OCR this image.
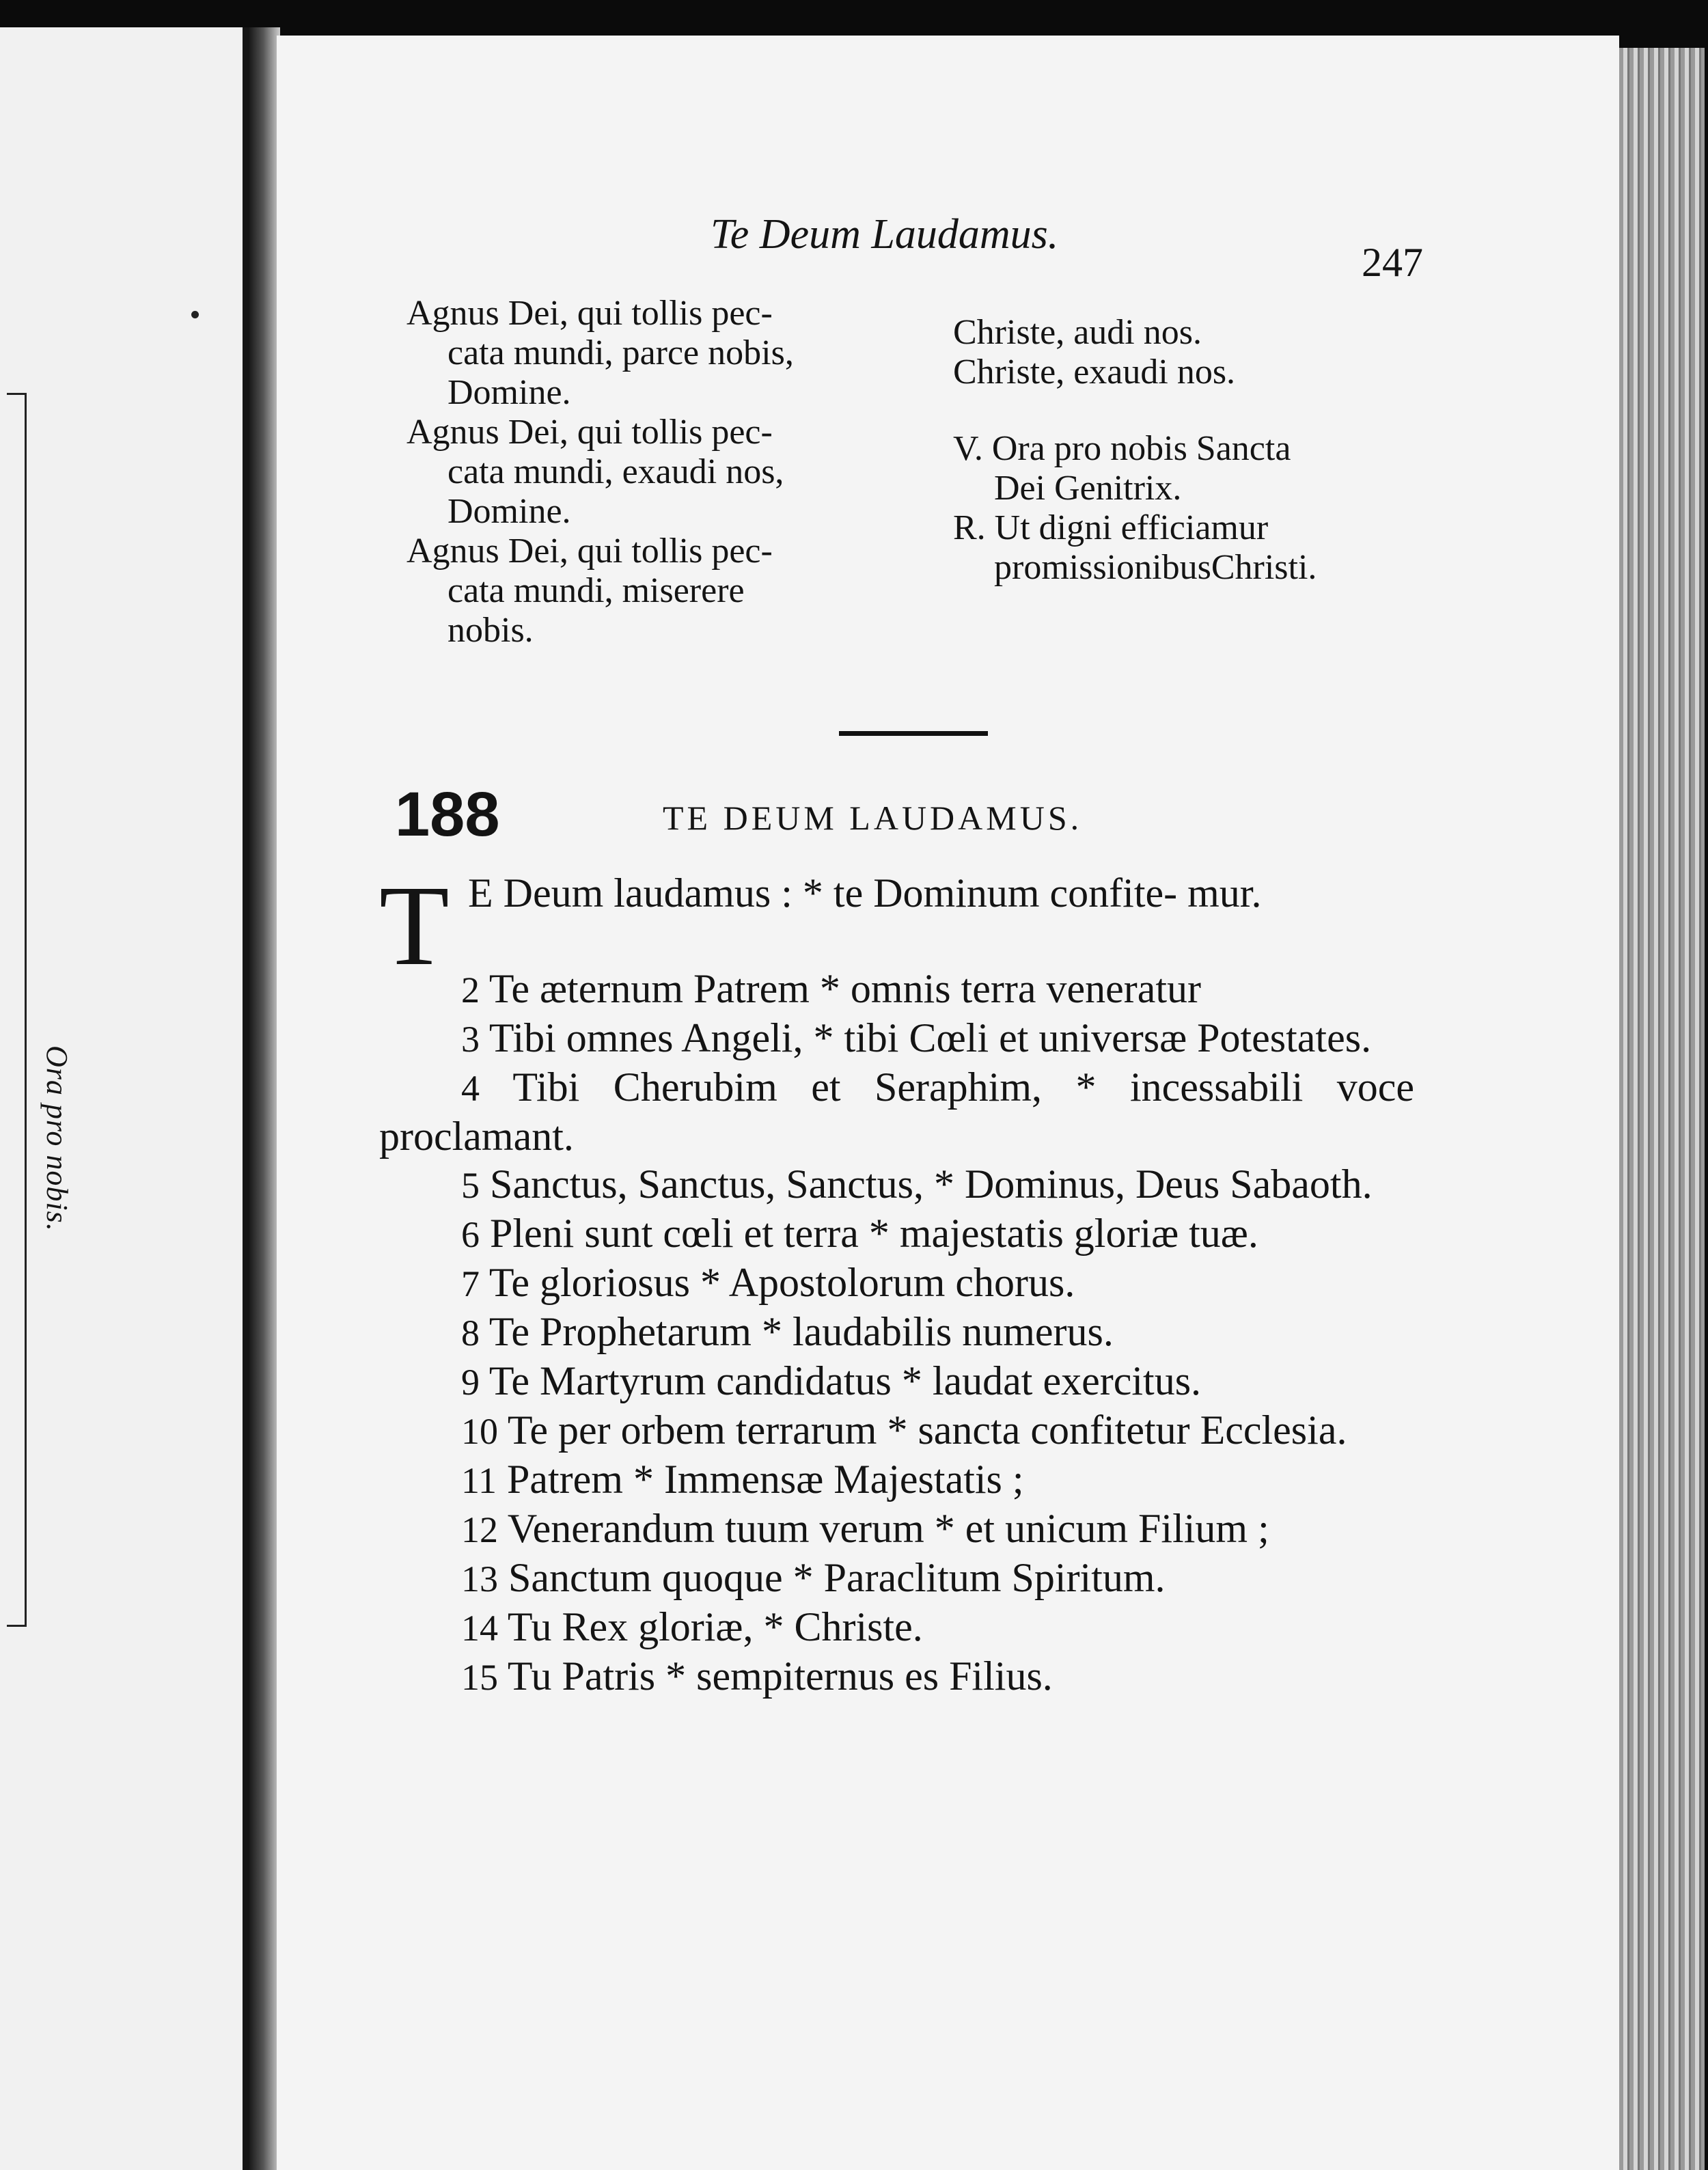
Ora pro nobis.
Te Deum Laudamus.
247

Agnus Dei, qui tollis pec-
cata mundi, parce nobis,
Domine.

Agnus Dei, qui tollis pec-
cata mundi, exaudi nos,
Domine.

Agnus Dei, qui tollis pec-
cata mundi, miserere
nobis.

Christe, audi nos.
Christe, exaudi nos.

V. Ora pro nobis Sancta
Dei Genitrix.

R. Ut digni efficiamur
promissionibusChristi.

188	TE DEUM LAUDAMUS.
T E Deum laudamus : * te Dominum confite- mur.

2 Te æternum Patrem * omnis terra veneratur

3 Tibi omnes Angeli, * tibi Cœli et universæ Potestates.

4 Tibi Cherubim et Seraphim, * incessabili voce proclamant.

5 Sanctus, Sanctus, Sanctus, * Dominus, Deus Sabaoth.

6 Pleni sunt cœli et terra * majestatis gloriæ tuæ.

7 Te gloriosus * Apostolorum chorus.

8 Te Prophetarum * laudabilis numerus.

9 Te Martyrum candidatus * laudat exercitus.

10 Te per orbem terrarum * sancta confitetur Ecclesia.

11 Patrem * Immensæ Majestatis ;

12 Venerandum tuum verum * et unicum Filium ;

13 Sanctum quoque * Paraclitum Spiritum.

14 Tu Rex gloriæ, * Christe.

15 Tu Patris * sempiternus es Filius.
